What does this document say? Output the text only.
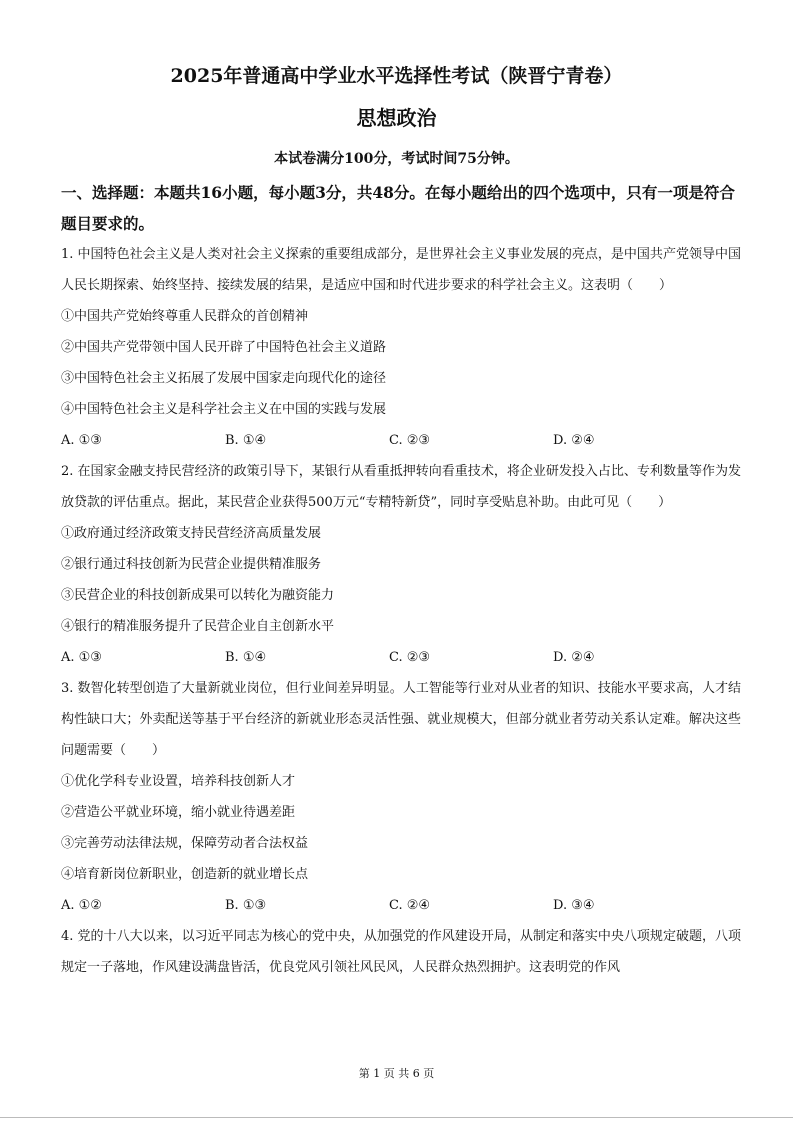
2025年普通高中学业水平选择性考试（陕晋宁青卷）
思想政治
本试卷满分100分，考试时间75分钟。
一、选择题：本题共16小题，每小题3分，共48分。在每小题给出的四个选项中，只有一项是符合题目要求的。

1. 中国特色社会主义是人类对社会主义探索的重要组成部分，是世界社会主义事业发展的亮点，是中国共产党领导中国人民长期探索、始终坚持、接续发展的结果，是适应中国和时代进步要求的科学社会主义。这表明（　　）

①中国共产党始终尊重人民群众的首创精神

②中国共产党带领中国人民开辟了中国特色社会主义道路

③中国特色社会主义拓展了发展中国家走向现代化的途径

④中国特色社会主义是科学社会主义在中国的实践与发展

A. ①③	B. ①④	C. ②③	D. ②④

2. 在国家金融支持民营经济的政策引导下，某银行从看重抵押转向看重技术，将企业研发投入占比、专利数量等作为发放贷款的评估重点。据此，某民营企业获得500万元“专精特新贷”，同时享受贴息补助。由此可见（　　）

①政府通过经济政策支持民营经济高质量发展

②银行通过科技创新为民营企业提供精准服务

③民营企业的科技创新成果可以转化为融资能力

④银行的精准服务提升了民营企业自主创新水平

A. ①③	B. ①④	C. ②③	D. ②④

3. 数智化转型创造了大量新就业岗位，但行业间差异明显。人工智能等行业对从业者的知识、技能水平要求高，人才结构性缺口大；外卖配送等基于平台经济的新就业形态灵活性强、就业规模大，但部分就业者劳动关系认定难。解决这些问题需要（　　）

①优化学科专业设置，培养科技创新人才

②营造公平就业环境，缩小就业待遇差距

③完善劳动法律法规，保障劳动者合法权益

④培育新岗位新职业，创造新的就业增长点

A. ①②	B. ①③	C. ②④	D. ③④

4. 党的十八大以来，以习近平同志为核心的党中央，从加强党的作风建设开局，从制定和落实中央八项规定破题，八项规定一子落地，作风建设满盘皆活，优良党风引领社风民风，人民群众热烈拥护。这表明党的作风

第 1 页 共 6 页
